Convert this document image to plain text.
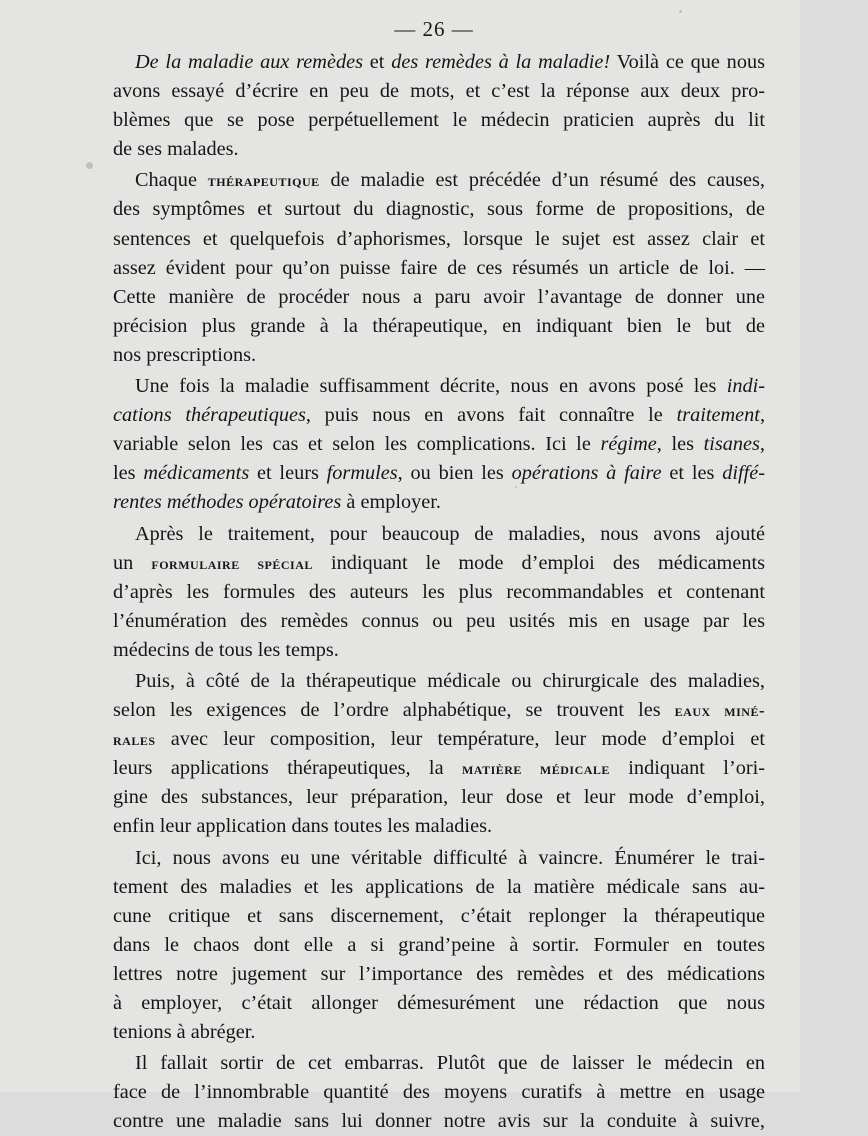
— 26 —
De la maladie aux remèdes et des remèdes à la maladie! Voilà ce que nous
avons essayé d’écrire en peu de mots, et c’est la réponse aux deux pro-
blèmes que se pose perpétuellement le médecin praticien auprès du lit
de ses malades.
Chaque thérapeutique de maladie est précédée d’un résumé des causes,
des symptômes et surtout du diagnostic, sous forme de propositions, de
sentences et quelquefois d’aphorismes, lorsque le sujet est assez clair et
assez évident pour qu’on puisse faire de ces résumés un article de loi. —
Cette manière de procéder nous a paru avoir l’avantage de donner une
précision plus grande à la thérapeutique, en indiquant bien le but de
nos prescriptions.
Une fois la maladie suffisamment décrite, nous en avons posé les indi-
cations thérapeutiques, puis nous en avons fait connaître le traitement,
variable selon les cas et selon les complications. Ici le régime, les tisanes,
les médicaments et leurs formules, ou bien les opérations à faire et les diffé-
rentes méthodes opératoires à employer.
Après le traitement, pour beaucoup de maladies, nous avons ajouté
un formulaire spécial indiquant le mode d’emploi des médicaments
d’après les formules des auteurs les plus recommandables et contenant
l’énumération des remèdes connus ou peu usités mis en usage par les
médecins de tous les temps.
Puis, à côté de la thérapeutique médicale ou chirurgicale des maladies,
selon les exigences de l’ordre alphabétique, se trouvent les eaux miné-
rales avec leur composition, leur température, leur mode d’emploi et
leurs applications thérapeutiques, la matière médicale indiquant l’ori-
gine des substances, leur préparation, leur dose et leur mode d’emploi,
enfin leur application dans toutes les maladies.
Ici, nous avons eu une véritable difficulté à vaincre. Énumérer le trai-
tement des maladies et les applications de la matière médicale sans au-
cune critique et sans discernement, c’était replonger la thérapeutique
dans le chaos dont elle a si grand’peine à sortir. Formuler en toutes
lettres notre jugement sur l’importance des remèdes et des médications
à employer, c’était allonger démesurément une rédaction que nous
tenions à abréger.
Il fallait sortir de cet embarras. Plutôt que de laisser le médecin en
face de l’innombrable quantité des moyens curatifs à mettre en usage
contre une maladie sans lui donner notre avis sur la conduite à suivre,
